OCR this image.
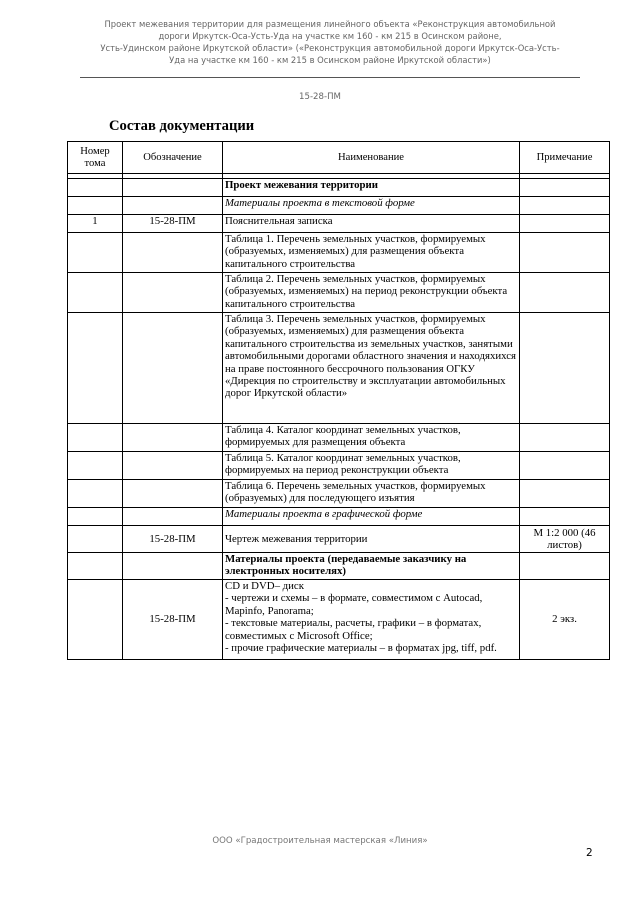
Проект межевания территории для размещения линейного объекта «Реконструкция автомобильной
дороги Иркутск-Оса-Усть-Уда на участке км 160 - км 215 в Осинском районе,
Усть-Удинском районе Иркутской области» («Реконструкция автомобильной дороги Иркутск-Оса-Усть-
Уда на участке км 160 - км 215 в Осинском районе Иркутской области»)
15-28-ПМ
Состав документации
Номер тома	Обозначение	Наименование	Примечание

		Проект межевания территории	
		Материалы проекта в текстовой форме	
1	15-28-ПМ	Пояснительная записка	
		Таблица 1. Перечень земельных участков, формируемых (образуемых, изменяемых) для размещения объекта капитального строительства	
		Таблица 2. Перечень земельных участков, формируемых (образуемых, изменяемых) на период реконструкции объекта капитального строительства	
		Таблица 3. Перечень земельных участков, формируемых (образуемых, изменяемых) для размещения объекта капитального строительства из земельных участков, занятыми автомобильными дорогами областного значения и находяхихся на праве постоянного бессрочного пользования ОГКУ «Дирекция по строительству и эксплуатации автомобильных дорог Иркутской области»	
		Таблица 4. Каталог координат земельных участков, формируемых для размещения объекта	
		Таблица 5. Каталог координат земельных участков, формируемых на период реконструкции объекта	
		Таблица 6. Перечень земельных участков, формируемых (образуемых) для последующего изъятия	
		Материалы проекта в графической форме	
	15-28-ПМ	Чертеж межевания территории	М 1:2 000 (46 листов)
		Материалы проекта (передаваемые заказчику на электронных носителях)	
	15-28-ПМ	CD и DVD– диск
- чертежи и схемы – в формате, совместимом с Autocad, Mapinfo, Panorama;
- текстовые материалы, расчеты, графики – в форматах, совместимых с Microsoft Office;
- прочие графические материалы – в форматах jpg, tiff, pdf.	2 экз.
ООО «Градостроительная мастерская «Линия»
2
